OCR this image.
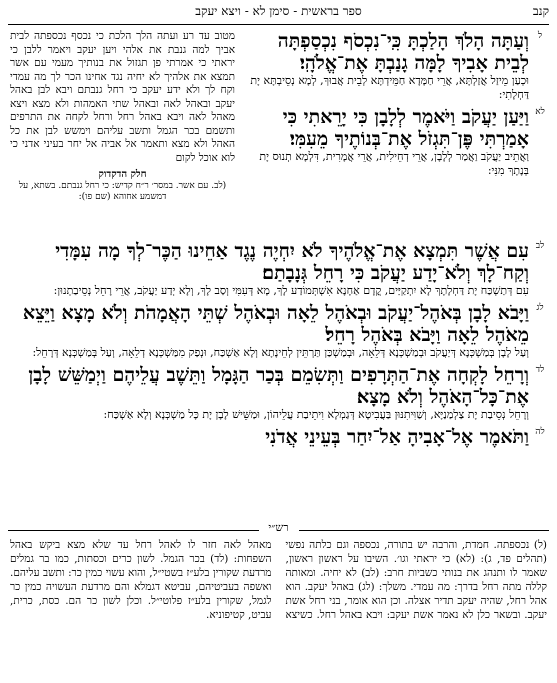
קנב
ספר בראשית - סימן לא - ויצא יעקב
ל
וְעַתָּה הָלֹךְ הָלַכְתָּ כִּֽי־נִכְסֹף נִכְסַפְתָּה לְבֵית אָבִיךָ לָמָּה גָנַבְתָּ אֶת־אֱלֹהָֽי׃
וּכְעַן מֵיזַל אֲזַלְתָּא, אֲרֵי חַמָּדָא חַמֵּידְתָּא לְבֵית אֲבוּךְ, לְמָא נְסֵיבְתָּא יָת דַּחְלָתִי:
לא
וַיַּעַן יַעֲקֹב וַיֹּאמֶר לְלָבָן כִּי יָרֵאתִי כִּי אָמַרְתִּי פֶּן־תִּגְזֹל אֶת־בְּנוֹתֶיךָ מֵעִמִּי׃
וַאֲתֵיב יַעֲקֹב וַאֲמַר לְלָבָן, אֲרֵי דְחֵילִית, אֲרֵי אֲמָרִית, דִּלְמָא תְנוּס יָת בְּנָתָךְ מִנִּי:
מטוב עד רע ועתה הלך הלכת כי נכסף נכספתה לבית אביך למה גנבת את אלהי ויען יעקב ויאמר ללבן כי יראתי כי אמרתי פן תגזול את בנותיך מעמי עם אשר תמצא את אלהיך לא יחיה נגד אחינו הכר לך מה עמדי וקח לך ולא ידע יעקב כי רחל גנבתם ויבא לבן באהל יעקב ובאהל לאה ובאהל שתי האמהות ולא מצא ויצא מאהל לאה ויבא באהל רחל ורחל לקחה את התרפים ותשמם בכר הגמל ותשב עליהם וימשש לבן את כל האהל ולא מצא ותאמר אל אביה אל יחר בעיני אדני כי לוא אוכל לקום
חלק הדקדוק
(לב. עם אשר. במסר׳ ר״ח קדיש: כי רחל גנבתם. בשתא, על דמשמע אחוהא (שם פו):
לב
עִם אֲשֶׁר תִּמְצָא אֶת־אֱלֹהֶיךָ לֹא יִחְיֶה נֶגֶד אַחֵינוּ הַכֶּר־לְךָ מָה עִמָּדִי וְקַח־לָךְ וְלֹא־יָדַע יַעֲקֹב כִּי רָחֵל גְּנָבָתַם׃
עִם דְּתַשְׁכַּח יָת דַּחְלָתָךְ לָא יִתְקַיַּים, קֳדָם אַחָנָא אִשְׁתְּמוֹדַע לָךְ, מָא דְּעִמִּי וְסַב לָךְ, וְלָא יְדַע יַעֲקֹב, אֲרֵי רָחֵל נְסֵיבַתְנוּן:
לג
וַיָּבֹא לָבָן בְּאֹהֶל־יַעֲקֹב וּבְאֹהֶל לֵאָה וּבְאֹהֶל שְׁתֵּי הָאֲמָהֹת וְלֹא מָצָא וַיֵּצֵא מֵאֹהֶל לֵאָה וַיָּבֹא בְּאֹהֶל רָחֵל׃
וְעַל לָבָן בְּמַשְׁכְּנָא דְּיַעֲקֹב וּבְמַשְׁכְּנָא דְּלֵאָה, וּבְמַשְׁכַּן תַּרְתֵּין לְחֵינָתָא וְלָא אַשְׁכַּח, וּנְפַק מִמַּשְׁכְּנָא דְלֵאָה, וְעַל בְּמַשְׁכְּנָא דְּרָחֵל:
לד
וְרָחֵל לָקְחָה אֶת־הַתְּרָפִים וַתְּשִׂמֵם בְּכַר הַגָּמָל וַתֵּשֶׁב עֲלֵיהֶם וַיְמַשֵּׁשׁ לָבָן אֶת־כָּל־הָאֹהֶל וְלֹא מָצָא׃
וְרָחֵל נְסֵיבַת יָת צַלְמַנַיָּא, וְשַׁוִּיתִנּוּן בַּעֲבִיטָא דְּגַמְלָא וִיתֵיבַת עֲלֵיהוֹן, וּמַשֵּׁישׁ לָבָן יָת כָּל מַשְׁכְּנָא וְלָא אַשְׁכַּח:
לה
וַתֹּאמֶר אֶל־אָבִיהָ אַל־יִחַר בְּעֵינֵי אֲדֹנִי
רש״י
(ל) נכספתה. חמדת, והרבה יש בתורה, נכספה וגם כלתה נפשי (תהלים פד, ג): (לא) כי יראתי וגו׳. השיבו על ראשון ראשון, שאמר לו ותנהג את בנותי כשביות חרב: (לב) לא יחיה. ומאותה קללה מתה רחל בדרך: מה עמדי. משלך: (לג) באהל יעקב. הוא אהל רחל, שהיה יעקב תדיר אצלה. וכן הוא אומר, בני רחל אשת יעקב. ובשאר כלן לא נאמר אשת יעקב: ויבא באהל רחל. כשיצא מאהל לאה חזר לו לאהל רחל עד שלא מצא ביקש באהל השפחות: (לד) בכר הגמל. לשון כרים וכסתות, כמו בר גמלים מרדעת שקורין בלע״ז בשטי״ל, והוא עשוי כמין כר: ותשב עליהם. ואשפה בעביטיהם, עביטא דגמלא והם מרדעת העשויה כמין כר לגמל, שקורין בלע״ז פלוטי״ל. וכלן לשון כר הם. כסת, כרית, עביט, קטיפוניא.
